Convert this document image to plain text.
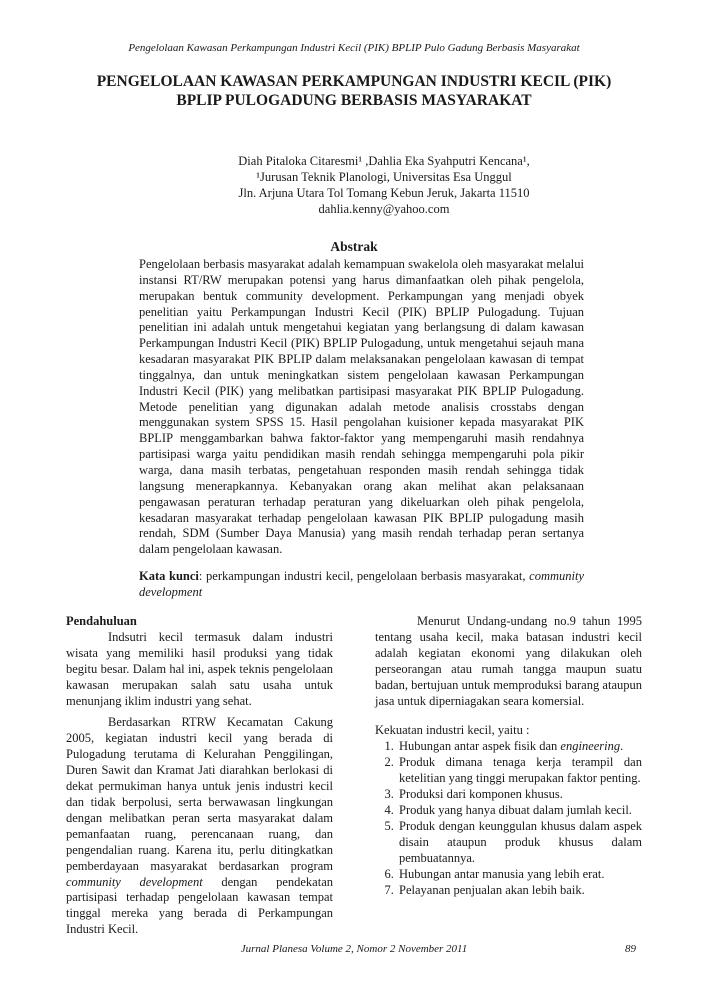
Pengelolaan Kawasan Perkampungan Industri Kecil (PIK) BPLIP Pulo Gadung Berbasis Masyarakat
PENGELOLAAN KAWASAN PERKAMPUNGAN INDUSTRI KECIL (PIK)
BPLIP PULOGADUNG BERBASIS MASYARAKAT
Diah Pitaloka Citaresmi¹ ,Dahlia Eka Syahputri Kencana¹,
¹Jurusan Teknik Planologi, Universitas Esa Unggul
Jln. Arjuna Utara Tol Tomang Kebun Jeruk, Jakarta 11510
dahlia.kenny@yahoo.com
Abstrak

Pengelolaan berbasis masyarakat adalah kemampuan swakelola oleh masyarakat melalui instansi RT/RW merupakan potensi yang harus dimanfaatkan oleh pihak pengelola, merupakan bentuk community development. Perkampungan yang menjadi obyek penelitian yaitu Perkampungan Industri Kecil (PIK) BPLIP Pulogadung. Tujuan penelitian ini adalah untuk mengetahui kegiatan yang berlangsung di dalam kawasan Perkampungan Industri Kecil (PIK) BPLIP Pulogadung, untuk mengetahui sejauh mana kesadaran masyarakat PIK BPLIP dalam melaksanakan pengelolaan kawasan di tempat tinggalnya, dan untuk meningkatkan sistem pengelolaan kawasan Perkampungan Industri Kecil (PIK) yang melibatkan partisipasi masyarakat PIK BPLIP Pulogadung. Metode penelitian yang digunakan adalah metode analisis crosstabs dengan menggunakan system SPSS 15. Hasil pengolahan kuisioner kepada masyarakat PIK BPLIP menggambarkan bahwa faktor-faktor yang mempengaruhi masih rendahnya partisipasi warga yaitu pendidikan masih rendah sehingga mempengaruhi pola pikir warga, dana masih terbatas, pengetahuan responden masih rendah sehingga tidak langsung menerapkannya. Kebanyakan orang akan melihat akan pelaksanaan pengawasan peraturan terhadap peraturan yang dikeluarkan oleh pihak pengelola, kesadaran masyarakat terhadap pengelolaan kawasan PIK BPLIP pulogadung masih rendah, SDM (Sumber Daya Manusia) yang masih rendah terhadap peran sertanya dalam pengelolaan kawasan.

Kata kunci: perkampungan industri kecil, pengelolaan berbasis masyarakat, community development

Pendahuluan

Indsutri kecil termasuk dalam industri wisata yang memiliki hasil produksi yang tidak begitu besar. Dalam hal ini, aspek teknis pengelolaan kawasan merupakan salah satu usaha untuk menunjang iklim industri yang sehat.

Berdasarkan RTRW Kecamatan Cakung 2005, kegiatan industri kecil yang berada di Pulogadung terutama di Kelurahan Penggilingan, Duren Sawit dan Kramat Jati diarahkan berlokasi di dekat permukiman hanya untuk jenis industri kecil dan tidak berpolusi, serta berwawasan lingkungan dengan melibatkan peran serta masyarakat dalam pemanfaatan ruang, perencanaan ruang, dan pengendalian ruang. Karena itu, perlu ditingkatkan pemberdayaan masyarakat berdasarkan program community development dengan pendekatan partisipasi terhadap pengelolaan kawasan tempat tinggal mereka yang berada di Perkampungan Industri Kecil.

Menurut Undang-undang no.9 tahun 1995 tentang usaha kecil, maka batasan industri kecil adalah kegiatan ekonomi yang dilakukan oleh perseorangan atau rumah tangga maupun suatu badan, bertujuan untuk memproduksi barang ataupun jasa untuk diperniagakan seara komersial.

Kekuatan industri kecil, yaitu :

1. Hubungan antar aspek fisik dan engineering.
2. Produk dimana tenaga kerja terampil dan ketelitian yang tinggi merupakan faktor penting.
3. Produksi dari komponen khusus.
4. Produk yang hanya dibuat dalam jumlah kecil.
5. Produk dengan keunggulan khusus dalam aspek disain ataupun produk khusus dalam pembuatannya.
6. Hubungan antar manusia yang lebih erat.
7. Pelayanan penjualan akan lebih baik.
Jurnal Planesa Volume 2, Nomor 2 November 2011	89
